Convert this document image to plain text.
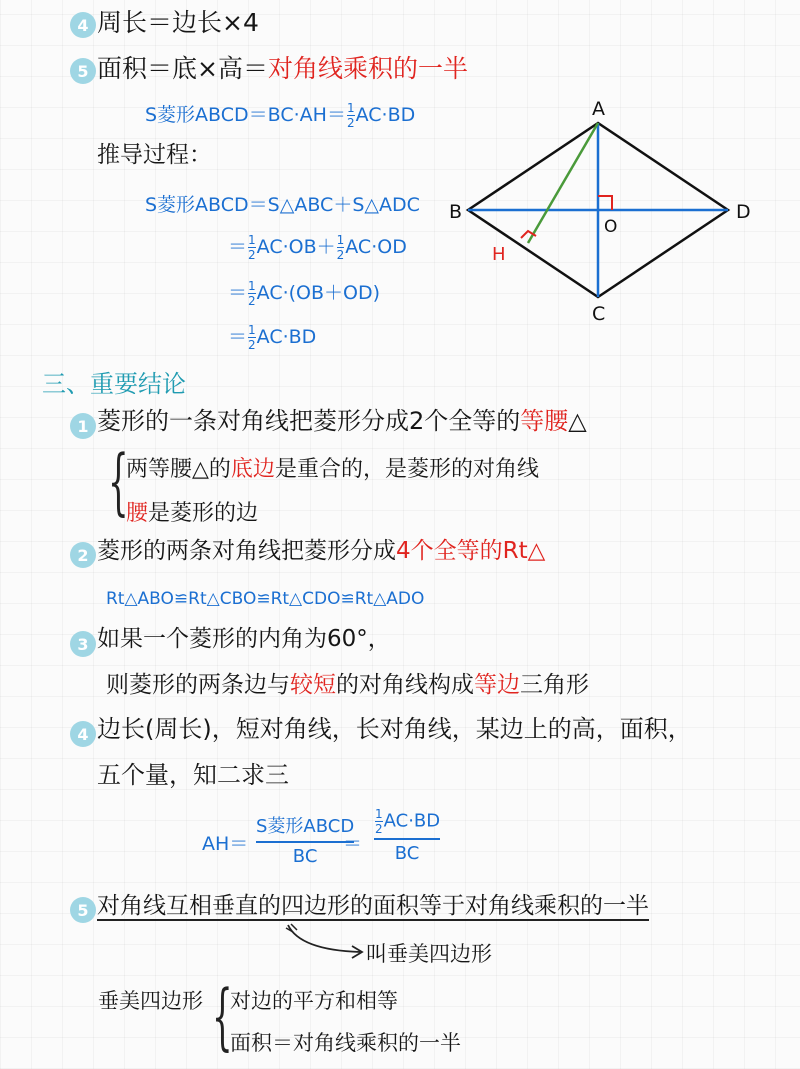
4 周长＝边长×4
5 面积＝底×高＝对角线乘积的一半
S菱形ABCD＝BC·AH＝ $\frac{1}{2} AC\cdot BD$
推导过程：
S菱形ABCD＝S△ABC＋S△ADC
＝ $\frac{1}{2} AC\cdot OB+ \frac{1}{2} AC\cdot OD$
＝ $\frac{1}{2} AC\cdot(OB+OD)$
＝ $\frac{1}{2} AC\cdot BD$
A
B
C
D
O
H
三、重要结论
1 菱形的一条对角线把菱形分成2个全等的等腰△
{
两等腰△的底边是重合的，是菱形的对角线
腰是菱形的边
2 菱形的两条对角线把菱形分成4个全等的Rt△
Rt△ABO≌Rt△CBO≌Rt△CDO≌Rt△ADO
3 如果一个菱形的内角为60°，
则菱形的两条边与较短的对角线构成等边三角形
4 边长(周长)，短对角线，长对角线，某边上的高，面积，
五个量，知二求三
AH＝
S菱形ABCD
BC
＝
$\frac{1}{2} AC\cdot BD$
BC
5 对角线互相垂直的四边形的面积等于对角线乘积的一半
叫垂美四边形
垂美四边形 {
对边的平方和相等
面积＝对角线乘积的一半
